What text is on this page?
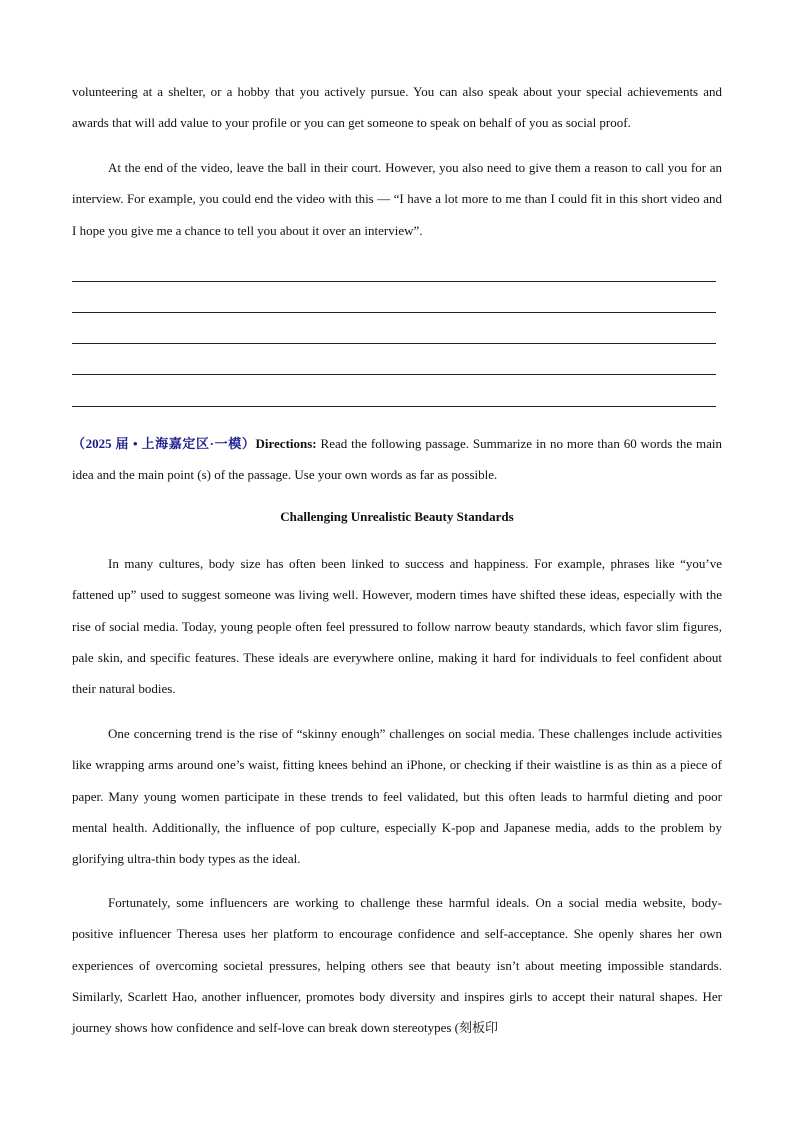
volunteering at a shelter, or a hobby that you actively pursue. You can also speak about your special achievements and awards that will add value to your profile or you can get someone to speak on behalf of you as social proof.

At the end of the video, leave the ball in their court. However, you also need to give them a reason to call you for an interview. For example, you could end the video with this — “I have a lot more to me than I could fit in this short video and I hope you give me a chance to tell you about it over an interview”.

（2025 届 • 上海嘉定区·一模）Directions: Read the following passage. Summarize in no more than 60 words the main idea and the main point (s) of the passage. Use your own words as far as possible.

Challenging Unrealistic Beauty Standards

In many cultures, body size has often been linked to success and happiness. For example, phrases like “you’ve fattened up” used to suggest someone was living well. However, modern times have shifted these ideas, especially with the rise of social media. Today, young people often feel pressured to follow narrow beauty standards, which favor slim figures, pale skin, and specific features. These ideals are everywhere online, making it hard for individuals to feel confident about their natural bodies.

One concerning trend is the rise of “skinny enough” challenges on social media. These challenges include activities like wrapping arms around one’s waist, fitting knees behind an iPhone, or checking if their waistline is as thin as a piece of paper. Many young women participate in these trends to feel validated, but this often leads to harmful dieting and poor mental health. Additionally, the influence of pop culture, especially K-pop and Japanese media, adds to the problem by glorifying ultra-thin body types as the ideal.

Fortunately, some influencers are working to challenge these harmful ideals. On a social media website, body-positive influencer Theresa uses her platform to encourage confidence and self-acceptance. She openly shares her own experiences of overcoming societal pressures, helping others see that beauty isn’t about meeting impossible standards. Similarly, Scarlett Hao, another influencer, promotes body diversity and inspires girls to accept their natural shapes. Her journey shows how confidence and self-love can break down stereotypes (刻板印
